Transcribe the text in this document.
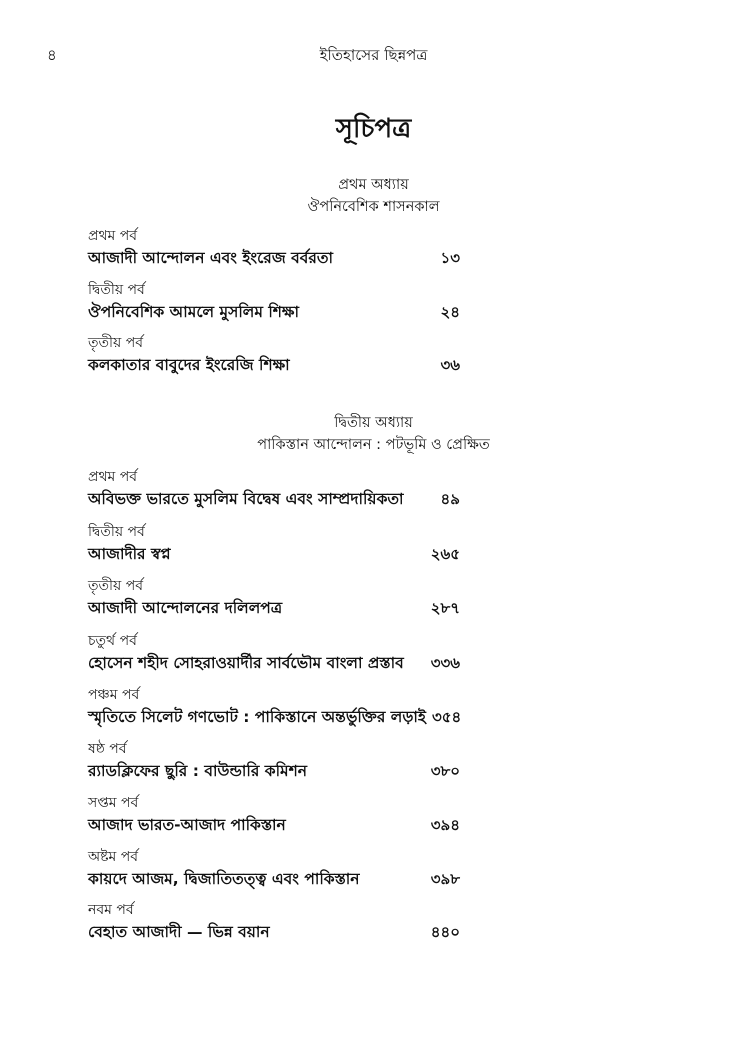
৪	ইতিহাসের ছিন্নপত্র
সূচিপত্র
প্রথম অধ্যায়
ঔপনিবেশিক শাসনকাল
প্রথম পর্ব
আজাদী আন্দোলন এবং ইংরেজ বর্বরতা	১৩
দ্বিতীয় পর্ব
ঔপনিবেশিক আমলে মুসলিম শিক্ষা	২৪
তৃতীয় পর্ব
কলকাতার বাবুদের ইংরেজি শিক্ষা	৩৬
দ্বিতীয় অধ্যায়
পাকিস্তান আন্দোলন : পটভূমি ও প্রেক্ষিত
প্রথম পর্ব
অবিভক্ত ভারতে মুসলিম বিদ্বেষ এবং সাম্প্রদায়িকতা ৪৯
দ্বিতীয় পর্ব
আজাদীর স্বপ্ন	২৬৫
তৃতীয় পর্ব
আজাদী আন্দোলনের দলিলপত্র	২৮৭
চতুর্থ পর্ব
হোসেন শহীদ সোহরাওয়ার্দীর সার্বভৌম বাংলা প্রস্তাব ৩৩৬
পঞ্চম পর্ব
স্মৃতিতে সিলেট গণভোট : পাকিস্তানে অন্তর্ভুক্তির লড়াই ৩৫৪
ষষ্ঠ পর্ব
র‍্যাডক্লিফের ছুরি : বাউন্ডারি কমিশন	৩৮০
সপ্তম পর্ব
আজাদ ভারত-আজাদ পাকিস্তান	৩৯৪
অষ্টম পর্ব
কায়দে আজম, দ্বিজাতিতত্ত্ব এবং পাকিস্তান	৩৯৮
নবম পর্ব
বেহাত আজাদী — ভিন্ন বয়ান	৪৪০
